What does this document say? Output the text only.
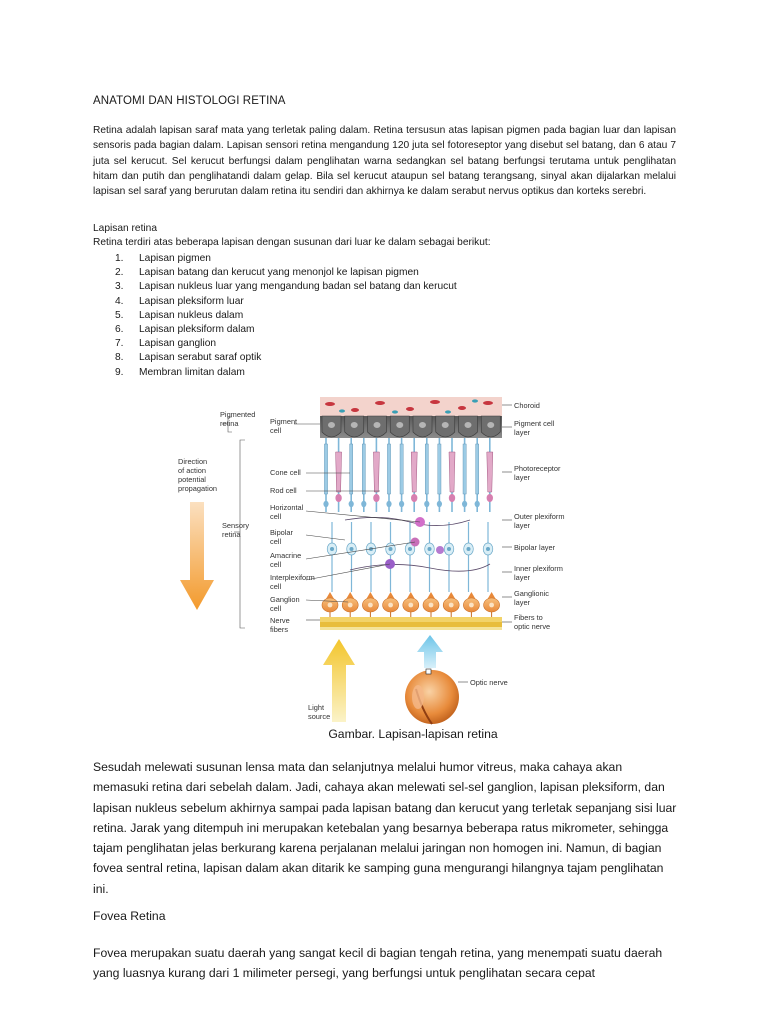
ANATOMI DAN HISTOLOGI RETINA

Retina adalah lapisan saraf mata yang terletak paling dalam. Retina tersusun atas lapisan pigmen pada bagian luar dan lapisan sensoris pada bagian dalam. Lapisan sensori retina mengandung 120 juta sel fotoreseptor yang disebut sel batang, dan 6 atau 7 juta sel kerucut. Sel kerucut berfungsi dalam penglihatan warna sedangkan sel batang berfungsi terutama untuk penglihatan hitam dan putih dan penglihatandi dalam gelap. Bila sel kerucut ataupun sel batang terangsang, sinyal akan dijalarkan melalui lapisan sel saraf yang berurutan dalam retina itu sendiri dan akhirnya ke dalam serabut nervus optikus dan korteks serebri.

Lapisan retina
Retina terdiri atas beberapa lapisan dengan susunan dari luar ke dalam sebagai berikut:
1.	Lapisan pigmen
2.	Lapisan batang dan kerucut yang menonjol ke lapisan pigmen
3.	Lapisan nukleus luar yang mengandung badan sel batang dan kerucut
4.	Lapisan pleksiform luar
5.	Lapisan nukleus dalam
6.	Lapisan pleksiform dalam
7.	Lapisan ganglion
8.	Lapisan serabut saraf optik
9.	Membran limitan dalam
Pigmented
retina
Direction
of action
potential
propagation
Sensory
retina
Light
source
Pigment
cell
Cone cell
Rod cell
Horizontal
cell
Bipolar
cell
Amacrine
cell
Interplexiform
cell
Ganglion
cell
Nerve
fibers
Choroid
Pigment cell
layer
Photoreceptor
layer
Outer plexiform
layer
Bipolar layer
Inner plexiform
layer
Ganglionic
layer
Fibers to
optic nerve
Optic nerve
Gambar. Lapisan-lapisan retina

Sesudah melewati susunan lensa mata dan selanjutnya melalui humor vitreus, maka cahaya akan memasuki retina dari sebelah dalam. Jadi, cahaya akan melewati sel-sel ganglion, lapisan pleksiform, dan lapisan nukleus sebelum akhirnya sampai pada lapisan batang dan kerucut yang terletak sepanjang sisi luar retina. Jarak yang ditempuh ini merupakan ketebalan yang besarnya beberapa ratus mikrometer, sehingga tajam penglihatan jelas berkurang karena perjalanan melalui jaringan non homogen ini. Namun, di bagian fovea sentral retina, lapisan dalam akan ditarik ke samping guna mengurangi hilangnya tajam penglihatan ini.

Fovea Retina

Fovea merupakan suatu daerah yang sangat kecil di bagian tengah retina, yang menempati suatu daerah yang luasnya kurang dari 1 milimeter persegi, yang berfungsi untuk penglihatan secara cepat
